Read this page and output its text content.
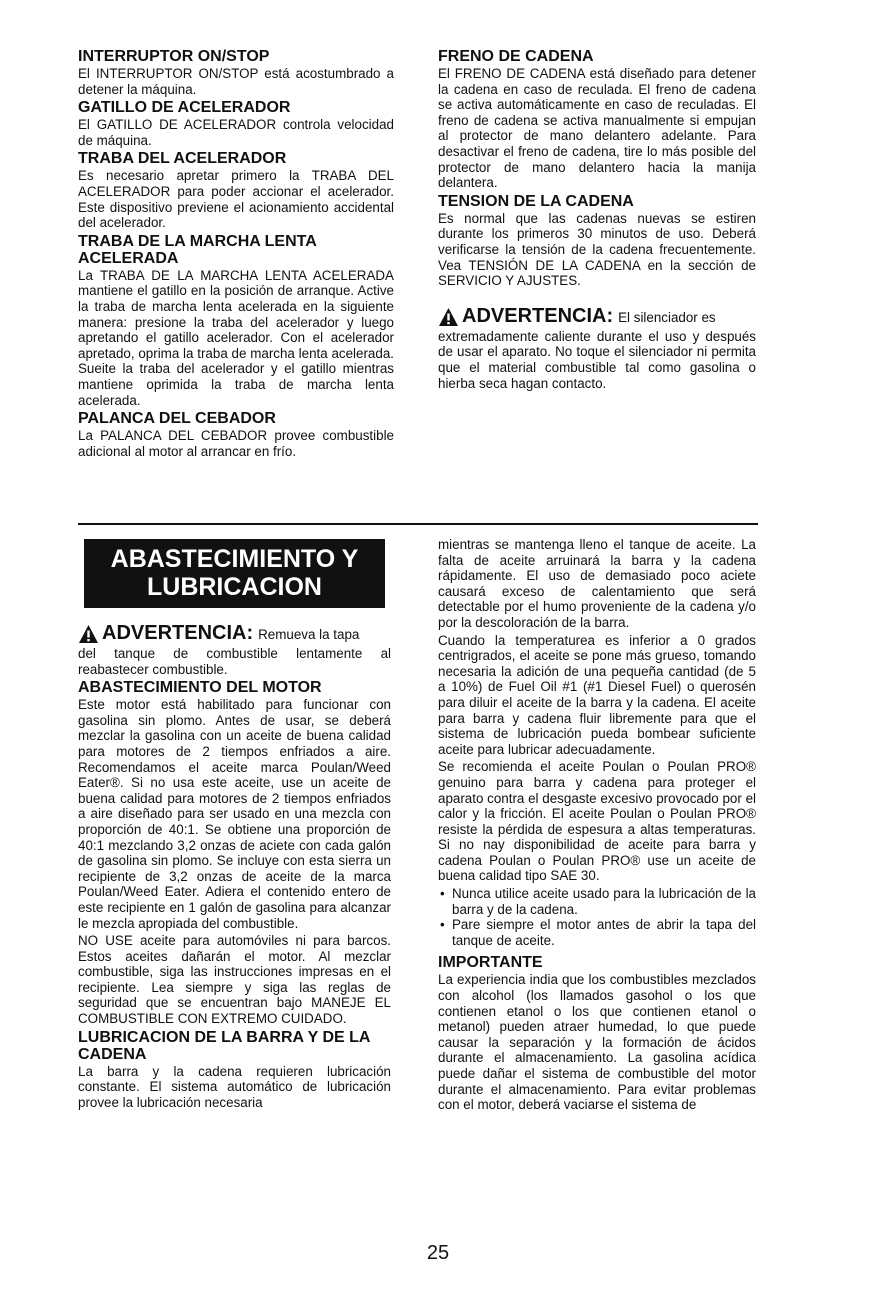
INTERRUPTOR ON/STOP

El INTERRUPTOR ON/STOP está acostumbrado a detener la máquina.

GATILLO DE ACELERADOR

El GATILLO DE ACELERADOR controla velocidad de máquina.

TRABA DEL ACELERADOR

Es necesario apretar primero la TRABA DEL ACELERADOR para poder accionar el acelerador. Este dispositivo previene el acionamiento accidental del acelerador.

TRABA DE LA MARCHA LENTA ACELERADA

La TRABA DE LA MARCHA LENTA ACELERADA mantiene el gatillo en la posición de arranque. Active la traba de marcha lenta acelerada en la siguiente manera: presione la traba del acelerador y luego apretando el gatillo acelerador. Con el acelerador apretado, oprima la traba de marcha lenta acelerada. Sueite la traba del acelerador y el gatillo mientras mantiene oprimida la traba de marcha lenta acelerada.

PALANCA DEL CEBADOR

La PALANCA DEL CEBADOR provee combustible adicional al motor al arrancar en frío.

FRENO DE CADENA

El FRENO DE CADENA está diseñado para detener la cadena en caso de reculada. El freno de cadena se activa automáticamente en caso de reculadas. El freno de cadena se activa manualmente si empujan al protector de mano delantero adelante. Para desactivar el freno de cadena, tire lo más posible del protector de mano delantero hacia la manija delantera.

TENSION DE LA CADENA

Es normal que las cadenas nuevas se estiren durante los primeros 30 minutos de uso. Deberá verificarse la tensión de la cadena frecuentemente. Vea TENSIÓN DE LA CADENA en la sección de SERVICIO Y AJUSTES.

ADVERTENCIA: El silenciador es

extremadamente caliente durante el uso y después de usar el aparato. No toque el silenciador ni permita que el material combustible tal como gasolina o hierba seca hagan contacto.

ABASTECIMIENTO Y
LUBRICACION
ADVERTENCIA: Remueva la tapa

del tanque de combustible lentamente al reabastecer combustible.

ABASTECIMIENTO DEL MOTOR

Este motor está habilitado para funcionar con gasolina sin plomo. Antes de usar, se deberá mezclar la gasolina con un aceite de buena calidad para motores de 2 tiempos enfriados a aire. Recomendamos el aceite marca Poulan/Weed Eater®. Si no usa este aceite, use un aceite de buena calidad para motores de 2 tiempos enfriados a aire diseñado para ser usado en una mezcla con proporción de 40:1. Se obtiene una proporción de 40:1 mezclando 3,2 onzas de aciete con cada galón de gasolina sin plomo. Se incluye con esta sierra un recipiente de 3,2 onzas de aceite de la marca Poulan/Weed Eater. Adiera el contenido entero de este recipiente en 1 galón de gasolina para alcanzar le mezcla apropiada del combustible.

NO USE aceite para automóviles ni para barcos. Estos aceites dañarán el motor. Al mezclar combustible, siga las instrucciones impresas en el recipiente. Lea siempre y siga las reglas de seguridad que se encuentran bajo MANEJE EL COMBUSTIBLE CON EXTREMO CUIDADO.

LUBRICACION DE LA BARRA Y DE LA CADENA

La barra y la cadena requieren lubricación constante. El sistema automático de lubricación provee la lubricación necesaria

mientras se mantenga lleno el tanque de aceite. La falta de aceite arruinará la barra y la cadena rápidamente. El uso de demasiado poco aciete causará exceso de calentamiento que será detectable por el humo proveniente de la cadena y/o por la descoloración de la barra.

Cuando la temperaturea es inferior a 0 grados centrigrados, el aceite se pone más grueso, tomando necesaria la adición de una pequeña cantidad (de 5 a 10%) de Fuel Oil #1 (#1 Diesel Fuel) o querosén para diluir el aceite de la barra y la cadena. El aceite para barra y cadena fluir libremente para que el sistema de lubricación pueda bombear suficiente aceite para lubricar adecuadamente.

Se recomienda el aceite Poulan o Poulan PRO® genuino para barra y cadena para proteger el aparato contra el desgaste excesivo provocado por el calor y la fricción. El aceite Poulan o Poulan PRO® resiste la pérdida de espesura a altas temperaturas. Si no nay disponibilidad de aceite para barra y cadena Poulan o Poulan PRO® use un aceite de buena calidad tipo SAE 30.

• Nunca utilice aceite usado para la lubricación de la barra y de la cadena.
• Pare siempre el motor antes de abrir la tapa del tanque de aceite.
IMPORTANTE

La experiencia india que los combustibles mezclados con alcohol (los llamados gasohol o los que contienen etanol o los que contienen etanol o metanol) pueden atraer humedad, lo que puede causar la separación y la formación de ácidos durante el almacenamiento. La gasolina acídica puede dañar el sistema de combustible del motor durante el almacenamiento. Para evitar problemas con el motor, deberá vaciarse el sistema de

25
